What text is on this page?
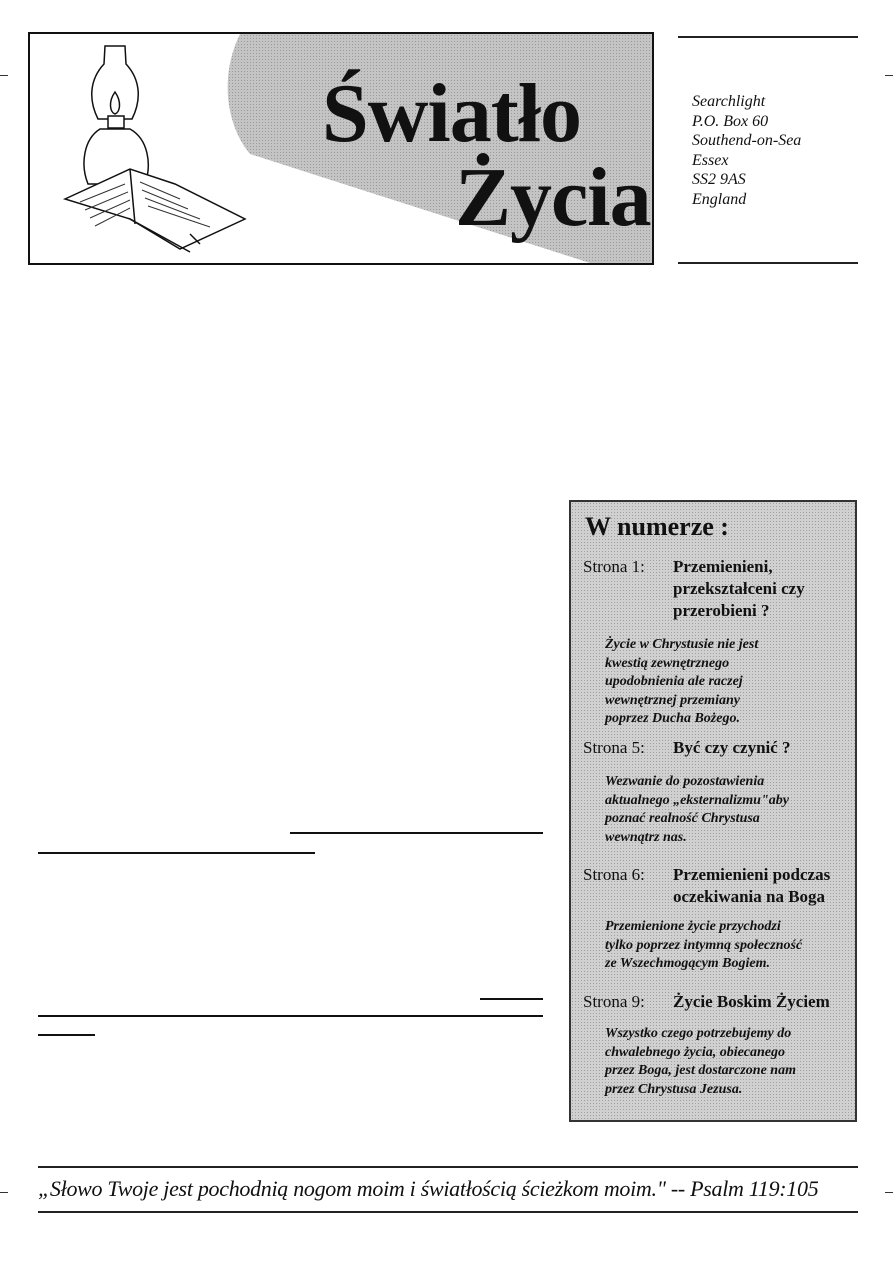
Światło
Życia
Searchlight
P.O. Box 60
Southend-on-Sea
Essex
SS2 9AS
England
W numerze :
Strona 1: Przemienieni,
przekształceni czy
przerobieni ?
Życie w Chrystusie nie jest
kwestią zewnętrznego
upodobnienia ale raczej
wewnętrznej przemiany
poprzez Ducha Bożego.
Strona 5: Być czy czynić ?
Wezwanie do pozostawienia
aktualnego „eksternalizmu"aby
poznać realność Chrystusa
wewnątrz nas.
Strona 6: Przemienieni podczas
oczekiwania na Boga
Przemienione życie przychodzi
tylko poprzez intymną społeczność
ze Wszechmogącym Bogiem.
Strona 9: Życie Boskim Życiem
Wszystko czego potrzebujemy do
chwalebnego życia, obiecanego
przez Boga, jest dostarczone nam
przez Chrystusa Jezusa.
„Słowo Twoje jest pochodnią nogom moim i światłością ścieżkom moim." -- Psalm 119:105
